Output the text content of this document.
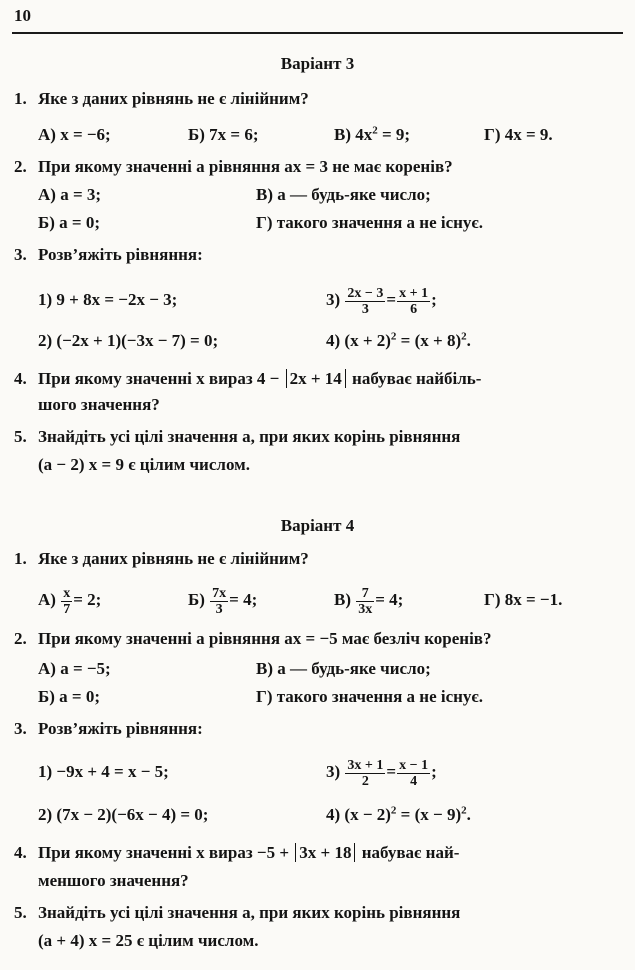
10
Варіант 3
1. Яке з даних рівнянь не є лінійним?
А) x = −6;	Б) 7x = 6;	В) $4x^2 = 9$;	Г) 4x = 9.
2. При якому значенні a рівняння ax = 3 не має коренів?
А) a = 3;	В) a — будь-яке число;
Б) a = 0;	Г) такого значення a не існує.
3. Розв’яжіть рівняння:
1) 9 + 8x = −2x − 3;	$3) \frac{2x - 3}{3} = \frac{x + 1}{6}$ ;
2) (−2x + 1)(−3x − 7) = 0;	4) $(x + 2)^2 = (x + 8)^2$.
4. При якому значенні x вираз 4 − 2x + 14 набуває найбіль-
шого значення?
5. Знайдіть усі цілі значення a, при яких корінь рівняння
(a − 2) x = 9 є цілим числом.
Варіант 4
1. Яке з даних рівнянь не є лінійним?
$А) \frac{x}{7} = 2$;	$Б) \frac{7x}{3} = 4$;	$В) \frac{7}{3x} = 4$;	Г) 8x = −1.
2. При якому значенні a рівняння ax = −5 має безліч коренів?
А) a = −5;	В) a — будь-яке число;
Б) a = 0;	Г) такого значення a не існує.
3. Розв’яжіть рівняння:
1) −9x + 4 = x − 5;	$3) \frac{3x + 1}{2} = \frac{x - 1}{4}$ ;
2) (7x − 2)(−6x − 4) = 0;	4) $(x - 2)^2 = (x - 9)^2$.
4. При якому значенні x вираз −5 + 3x + 18 набуває най-
меншого значення?
5. Знайдіть усі цілі значення a, при яких корінь рівняння
(a + 4) x = 25 є цілим числом.
